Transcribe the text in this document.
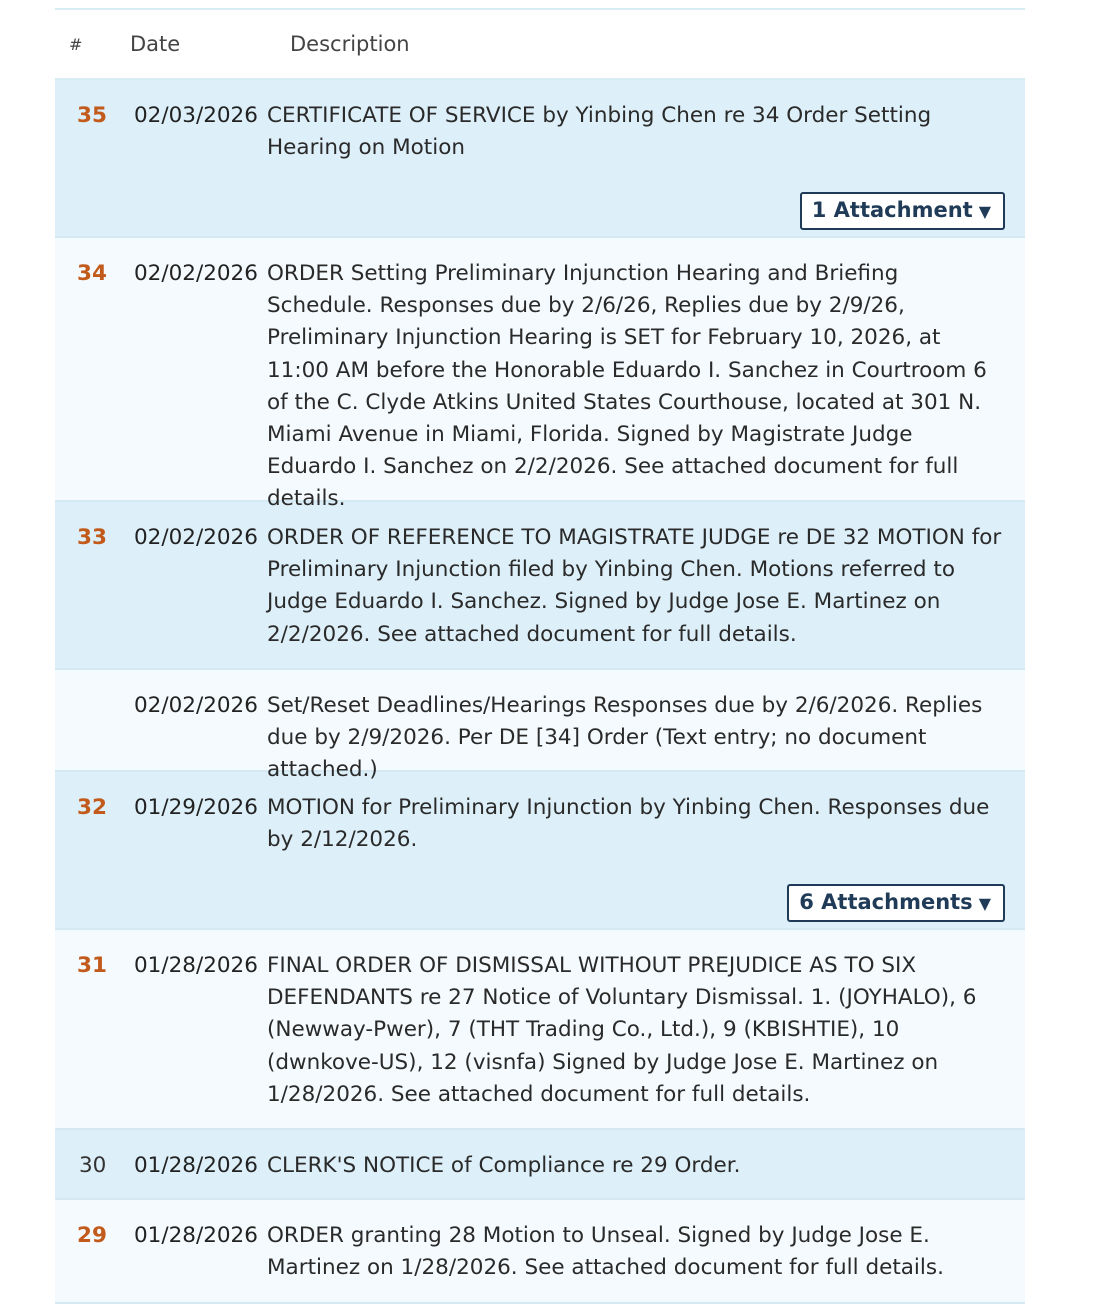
#	Date	Description
35	02/03/2026 CERTIFICATE OF SERVICE by Yinbing Chen re 34 Order Setting Hearing on Motion
1 Attachment ▼
34	02/02/2026 ORDER Setting Preliminary Injunction Hearing and Briefing Schedule. Responses due by 2/6/26, Replies due by 2/9/26, Preliminary Injunction Hearing is SET for February 10, 2026, at 11:00 AM before the Honorable Eduardo I. Sanchez in Courtroom 6 of the C. Clyde Atkins United States Courthouse, located at 301 N. Miami Avenue in Miami, Florida. Signed by Magistrate Judge Eduardo I. Sanchez on 2/2/2026. See attached document for full details.
33	02/02/2026 ORDER OF REFERENCE TO MAGISTRATE JUDGE re DE 32 MOTION for Preliminary Injunction filed by Yinbing Chen. Motions referred to Judge Eduardo I. Sanchez. Signed by Judge Jose E. Martinez on 2/2/2026. See attached document for full details.
02/02/2026 Set/Reset Deadlines/Hearings Responses due by 2/6/2026. Replies due by 2/9/2026. Per DE [34] Order (Text entry; no document attached.)
32	01/29/2026 MOTION for Preliminary Injunction by Yinbing Chen. Responses due by 2/12/2026.
6 Attachments ▼
31	01/28/2026 FINAL ORDER OF DISMISSAL WITHOUT PREJUDICE AS TO SIX DEFENDANTS re 27 Notice of Voluntary Dismissal. 1. (JOYHALO), 6 (Newway-Pwer), 7 (THT Trading Co., Ltd.), 9 (KBISHTIE), 10 (dwnkove-US), 12 (visnfa) Signed by Judge Jose E. Martinez on 1/28/2026. See attached document for full details.
30	01/28/2026 CLERK'S NOTICE of Compliance re 29 Order.
29	01/28/2026 ORDER granting 28 Motion to Unseal. Signed by Judge Jose E. Martinez on 1/28/2026. See attached document for full details.
